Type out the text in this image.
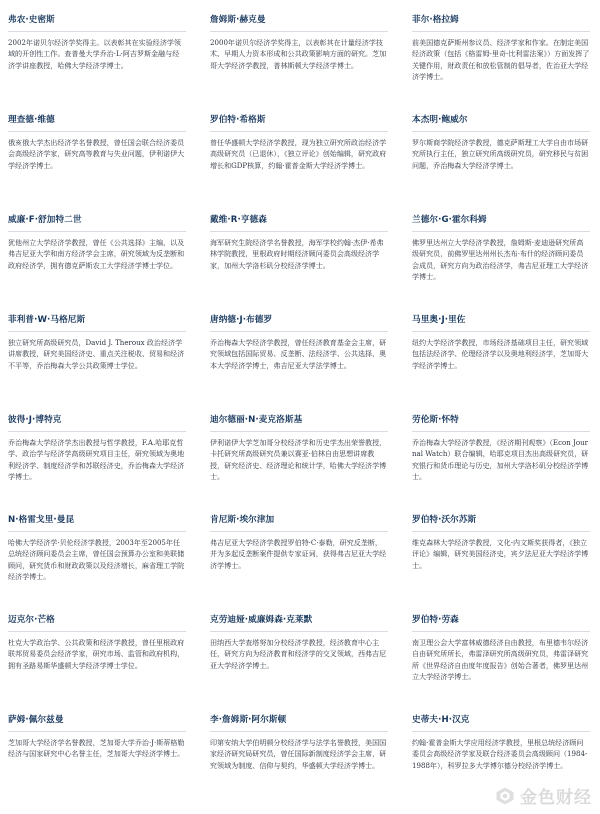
弗农·史密斯
2002年诺贝尔经济学奖得主。以表彰其在实验经济学领域的开创性工作。查普曼大学乔治·L·阿吉罗斯金融与经济学讲座教授，哈佛大学经济学博士。
詹姆斯·赫克曼
2000年诺贝尔经济学奖得主，以表彰其在计量经济学技术、早期人力资本形成和公共政策影响方面的研究。芝加哥大学经济学教授，普林斯顿大学经济学博士。
菲尔·格拉姆
前美国德克萨斯州参议员、经济学家和作家。在制定美国经济政策（包括《格雷姆-里奇-比利雷法案》）方面发挥了关键作用，财政责任和放松管制的倡导者，佐治亚大学经济学博士。
理查德·维德
俄亥俄大学杰出经济学名誉教授，曾任国会联合经济委员会高级经济学家，研究高等教育与失业问题，伊利诺伊大学经济学博士。
罗伯特·希格斯
曾任华盛顿大学经济学教授，现为独立研究所政治经济学高级研究员（已退休），《独立评论》创始编辑，研究政府增长和GDP核算，约翰·霍普金斯大学经济学博士。
本杰明·鲍威尔
罗尔斯商学院经济学教授，德克萨斯理工大学自由市场研究所执行主任，独立研究所高级研究员，研究移民与贫困问题，乔治梅森大学经济学博士。
威廉·F·舒加特二世
犹他州立大学经济学教授，曾任《公共选择》主编，以及弗吉尼亚大学和南方经济学会主席，研究领域为反垄断和政府经济学，拥有德克萨斯农工大学经济学博士学位。
戴维·R·亨德森
海军研究生院经济学名誉教授，海军学校约翰·杰伊·希弗林学院教授，里根政府时期经济顾问委员会高级经济学家，加州大学洛杉矶分校经济学博士。
兰德尔·G·霍尔科姆
佛罗里达州立大学经济学教授，詹姆斯·麦迪逊研究所高级研究员，前佛罗里达州州长杰布·布什的经济顾问委员会成员，研究方向为政治经济学，弗吉尼亚理工大学经济学博士。
菲利普·W·马格尼斯
独立研究所高级研究员，David J. Theroux 政治经济学讲席教授，研究美国经济史、重点关注税收、贸易和经济不平等，乔治梅森大学公共政策博士学位。
唐纳德·J·布德罗
乔治梅森大学经济学教授，曾任经济教育基金会主席，研究领域包括国际贸易、反垄断、法经济学、公共选择，奥本大学经济学博士，弗吉尼亚大学法学博士。
马里奥·J·里佐
纽约大学经济学教授，市场经济基础项目主任，研究领域包括法经济学、伦理经济学以及奥地利经济学，芝加哥大学经济学博士。
彼得·J·博特克
乔治梅森大学经济学杰出教授与哲学教授，F.A.哈耶克哲学、政治学与经济学高级研究项目主任，研究领域为奥地利经济学、制度经济学和苏联经济史，乔治梅森大学经济学博士。
迪尔德丽·N·麦克洛斯基
伊利诺伊大学芝加哥分校经济学和历史学杰出荣誉教授，卡托研究所高级研究员兼以赛亚·伯林自由思想讲席教授，研究经济史、经济理论和统计学，哈佛大学经济学博士。
劳伦斯·怀特
乔治梅森大学经济学教授，《经济期刊观察》（Econ Journal Watch）联合编辑，哈耶克项目杰出高级研究员，研究银行和货币理论与历史，加州大学洛杉矶分校经济学博士。
N·格雷戈里·曼昆
哈佛大学经济学·贝伦经济学教授，2003年至2005年任总统经济顾问委员会主席，曾任国会预算办公室和美联储顾问，研究货币和财政政策以及经济增长，麻省理工学院经济学博士。
肯尼斯·埃尔津加
弗吉尼亚大学经济学教授罗伯特·C·泰勒，研究反垄断，并为多起反垄断案件提供专家证词，获得弗吉尼亚大学经济学博士。
罗伯特·沃尔苏斯
维克森林大学经济学教授，文化-内文斯奖获得者，《独立评论》编辑，研究美国经济史，宾夕法尼亚大学经济学博士。
迈克尔·芒格
杜克大学政治学、公共政策和经济学教授，曾任里根政府联邦贸易委员会经济学家，研究市场、监管和政府机构，拥有圣路易斯华盛顿大学经济学博士学位。
克劳迪娅·威廉姆森·克莱默
田纳西大学查塔努加分校经济学教授，经济教育中心主任，研究方向为经济教育和经济学的交叉领域，西弗吉尼亚大学经济学博士。
罗伯特·劳森
南卫理公会大学富林威德经济自由教授，布里德韦尔经济自由研究所所长，弗雷泽研究所高级研究员，弗雷泽研究所《世界经济自由度年度报告》创始合著者，佛罗里达州立大学经济学博士。
萨姆·佩尔兹曼
芝加哥大学经济学名誉教授，芝加哥大学乔治·J·斯蒂格勒经济与国家研究中心名誉主任，芝加哥大学经济学博士。
李·詹姆斯·阿尔斯顿
印第安纳大学伯明顿分校经济学与法学名誉教授，美国国家经济研究局研究员，曾任国际新制度经济学会主席，研究领域为制度、信仰与契约，华盛顿大学经济学博士。
史蒂夫·H·汉克
约翰·霍普金斯大学应用经济学教授，里根总统经济顾问委员会高级经济学家及联合经济委员会高级顾问（1984-1988年），科罗拉多大学博尔德分校经济学博士。
金色财经
